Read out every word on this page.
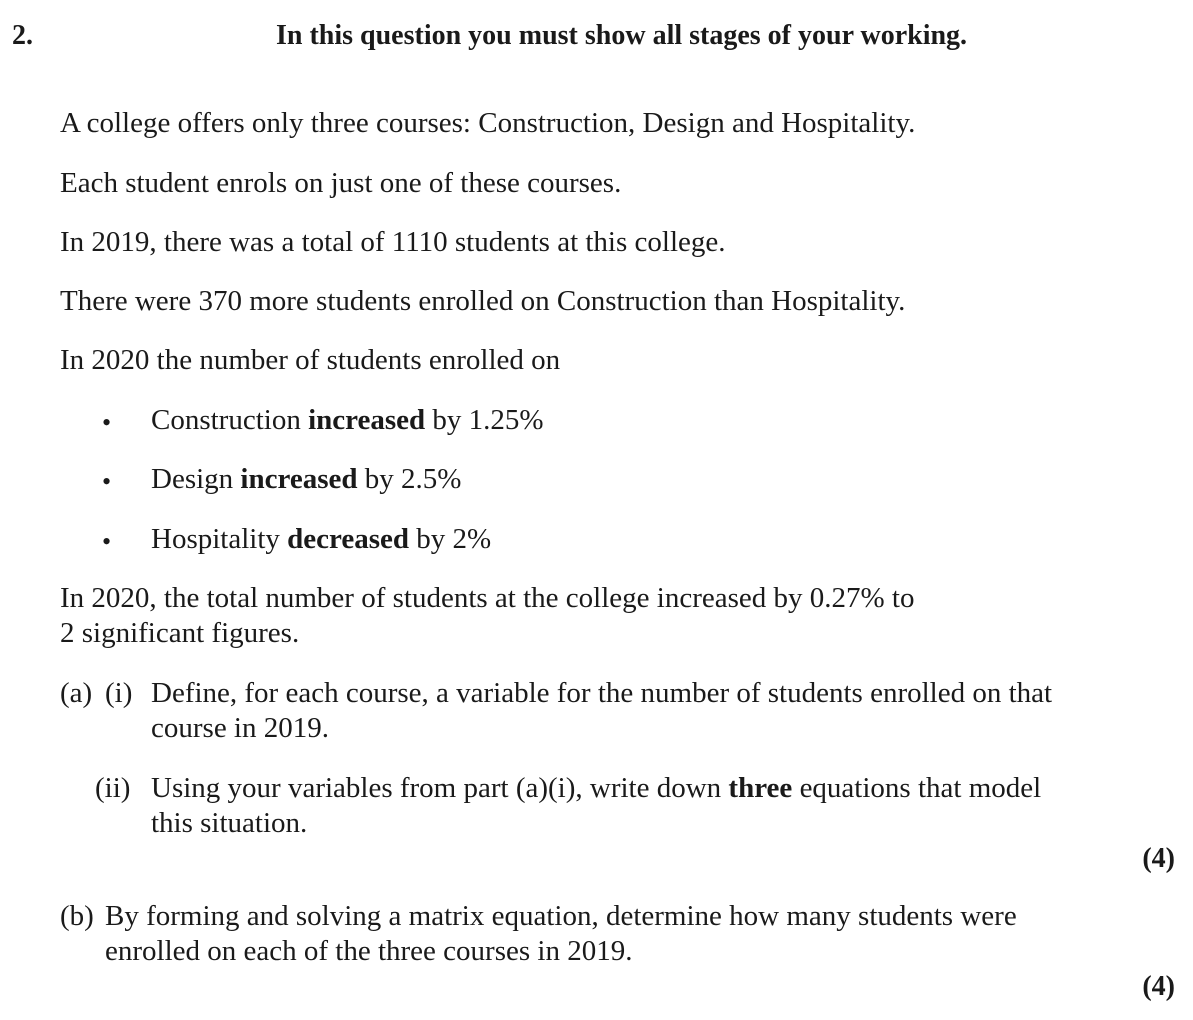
2.	In this question you must show all stages of your working.
A college offers only three courses: Construction, Design and Hospitality.
Each student enrols on just one of these courses.
In 2019, there was a total of 1110 students at this college.
There were 370 more students enrolled on Construction than Hospitality.
In 2020 the number of students enrolled on
• Construction increased by 1.25%
• Design increased by 2.5%
• Hospitality decreased by 2%
In 2020, the total number of students at the college increased by 0.27% to
2 significant figures.
(a) (i) Define, for each course, a variable for the number of students enrolled on that
course in 2019.
(ii) Using your variables from part (a)(i), write down three equations that model
this situation.
(4)
(b) By forming and solving a matrix equation, determine how many students were
enrolled on each of the three courses in 2019.
(4)
